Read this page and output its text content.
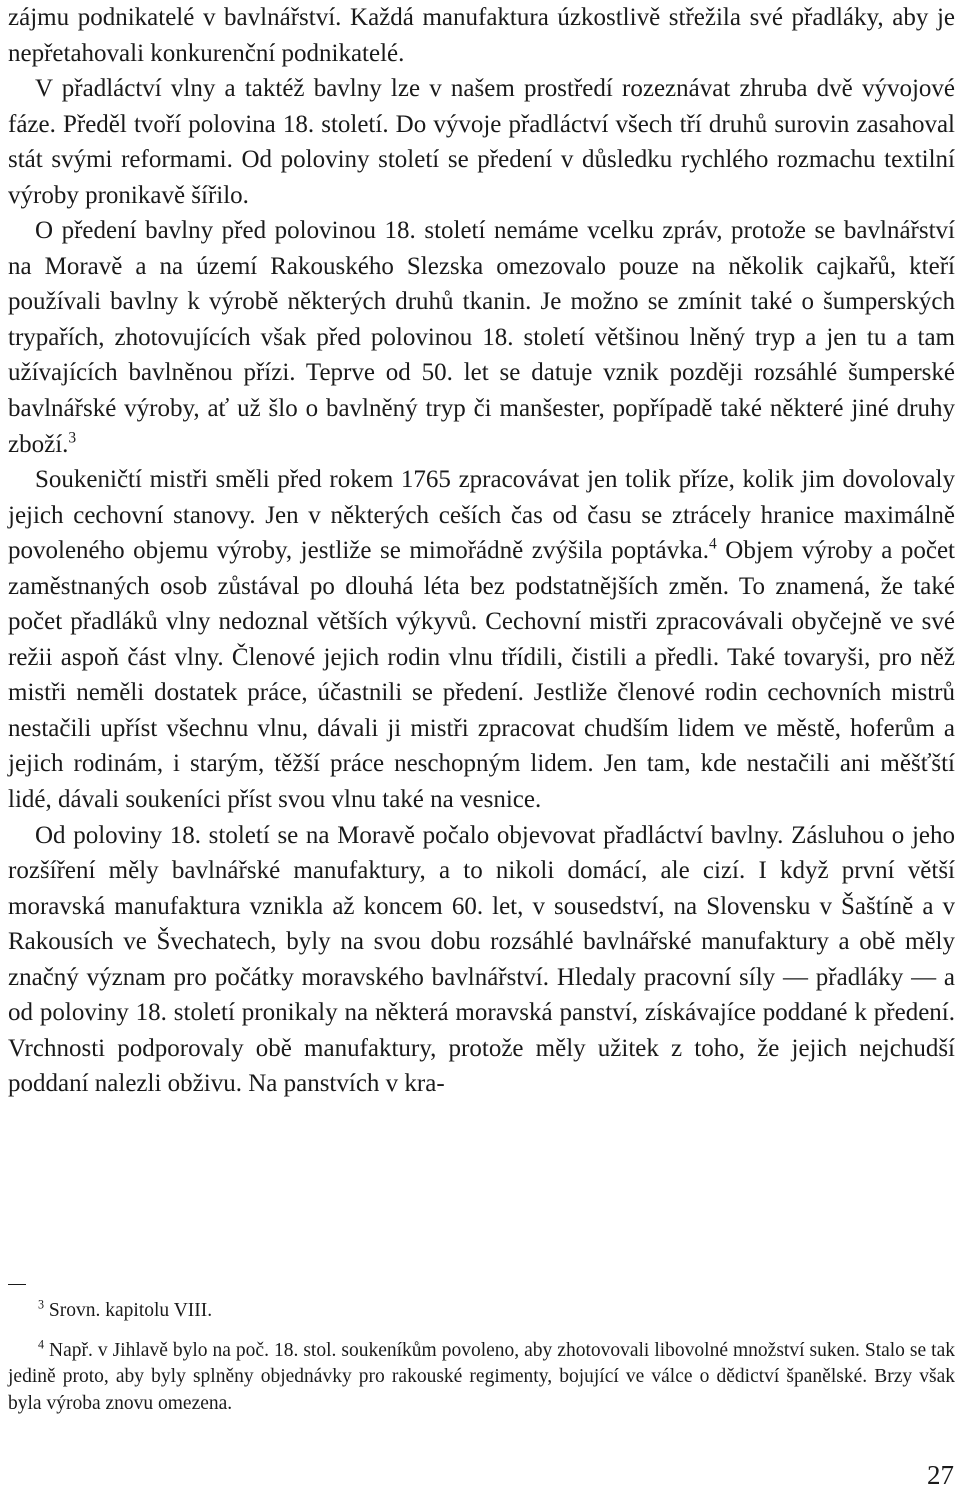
zájmu podnikatelé v bavlnářství. Každá manufaktura úzkostlivě střežila své přadláky, aby je nepřetahovali konkurenční podnikatelé.

V přadláctví vlny a taktéž bavlny lze v našem prostředí rozeznávat zhruba dvě vývojové fáze. Předěl tvoří polovina 18. století. Do vývoje přadláctví všech tří druhů surovin zasahoval stát svými reformami. Od poloviny století se předení v důsledku rychlého rozmachu textilní výroby pronikavě šířilo.

O předení bavlny před polovinou 18. století nemáme vcelku zpráv, protože se bavlnářství na Moravě a na území Rakouského Slezska omezovalo pouze na několik cajkařů, kteří používali bavlny k výrobě některých druhů tkanin. Je možno se zmínit také o šumperských trypařích, zhotovujících však před polovinou 18. století většinou lněný tryp a jen tu a tam užívajících bavlněnou přízi. Teprve od 50. let se datuje vznik později rozsáhlé šumperské bavlnářské výroby, ať už šlo o bavlněný tryp či manšester, popřípadě také některé jiné druhy zboží.$^3$

Soukeničtí mistři směli před rokem 1765 zpracovávat jen tolik příze, kolik jim dovolovaly jejich cechovní stanovy. Jen v některých ceších čas od času se ztrácely hranice maximálně povoleného objemu výroby, jestliže se mimořádně zvýšila poptávka.$^4$ Objem výroby a počet zaměstnaných osob zůstával po dlouhá léta bez podstatnějších změn. To znamená, že také počet přadláků vlny nedoznal větších výkyvů. Cechovní mistři zpracovávali obyčejně ve své režii aspoň část vlny. Členové jejich rodin vlnu třídili, čistili a předli. Také tovaryši, pro něž mistři neměli dostatek práce, účastnili se předení. Jestliže členové rodin cechovních mistrů nestačili upříst všechnu vlnu, dávali ji mistři zpracovat chudším lidem ve městě, hoferům a jejich rodinám, i starým, těžší práce neschopným lidem. Jen tam, kde nestačili ani měšťští lidé, dávali soukeníci příst svou vlnu také na vesnice.

Od poloviny 18. století se na Moravě počalo objevovat přadláctví bavlny. Zásluhou o jeho rozšíření měly bavlnářské manufaktury, a to nikoli domácí, ale cizí. I když první větší moravská manufaktura vznikla až koncem 60. let, v sousedství, na Slovensku v Šaštíně a v Rakousích ve Švechatech, byly na svou dobu rozsáhlé bavlnářské manufaktury a obě měly značný význam pro počátky moravského bavlnářství. Hledaly pracovní síly — přadláky — a od poloviny 18. století pronikaly na některá moravská panství, získávajíce poddané k předení. Vrchnosti podporovaly obě manufaktury, protože měly užitek z toho, že jejich nejchudší poddaní nalezli obživu. Na panstvích v kra-

$^3$ Srovn. kapitolu VIII.

$^4$ Např. v Jihlavě bylo na poč. 18. stol. soukeníkům povoleno, aby zhotovovali libovolné množství suken. Stalo se tak jedině proto, aby byly splněny objednávky pro rakouské regimenty, bojující ve válce o dědictví španělské. Brzy však byla výroba znovu omezena.

27
